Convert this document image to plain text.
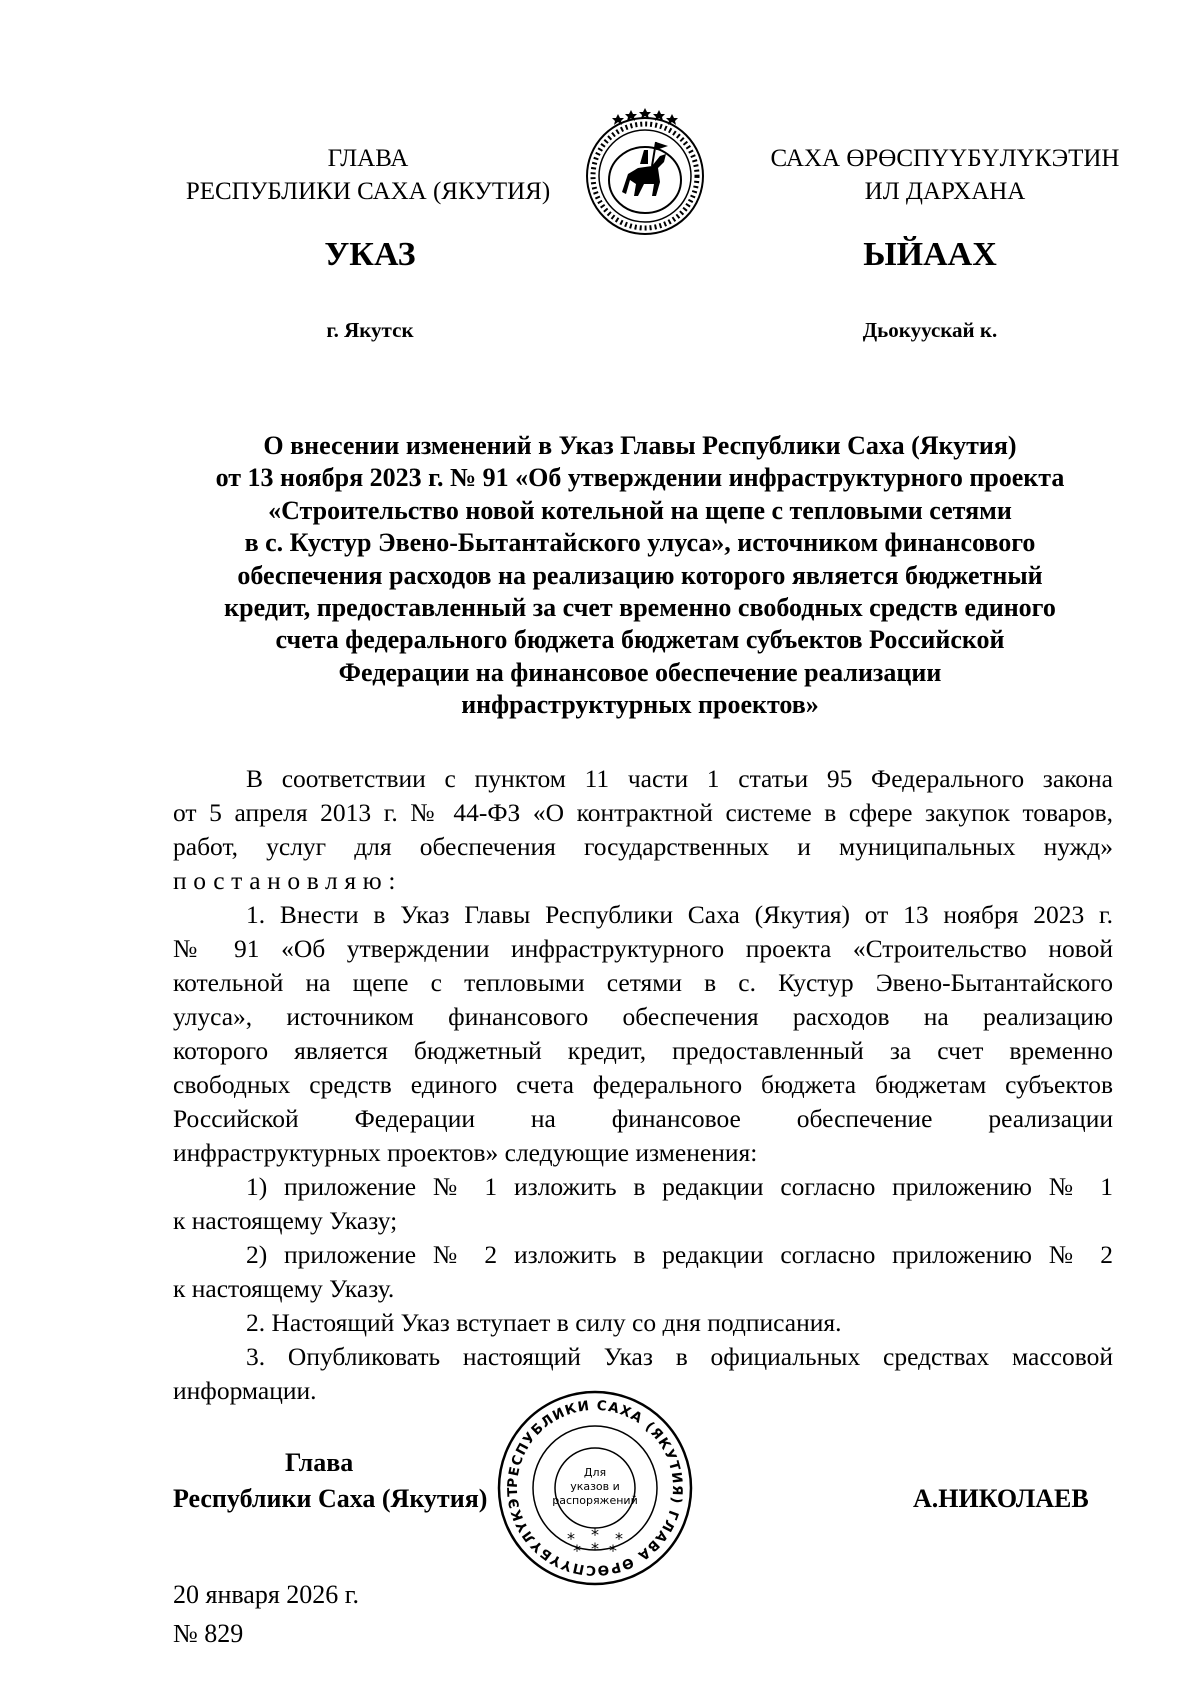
ГЛАВА
РЕСПУБЛИКИ САХА (ЯКУТИЯ)
САХА ӨРӨСПҮҮБҮЛҮКЭТИН
ИЛ ДАРХАНА
УКАЗ	ЫЙААХ
г. Якутск	Дьокуускай к.
О внесении изменений в Указ Главы Республики Саха (Якутия)
от 13 ноября 2023 г. № 91 «Об утверждении инфраструктурного проекта
«Строительство новой котельной на щепе с тепловыми сетями
в с. Кустур Эвено-Бытантайского улуса», источником финансового
обеспечения расходов на реализацию которого является бюджетный
кредит, предоставленный за счет временно свободных средств единого
счета федерального бюджета бюджетам субъектов Российской
Федерации на финансовое обеспечение реализации
инфраструктурных проектов»
В соответствии с пунктом 11 части 1 статьи 95 Федерального закона
от 5 апреля 2013 г. № 44-ФЗ «О контрактной системе в сфере закупок товаров,
работ, услуг для обеспечения государственных и муниципальных нужд»
постановляю:
1. Внести в Указ Главы Республики Саха (Якутия) от 13 ноября 2023 г.
№ 91 «Об утверждении инфраструктурного проекта «Строительство новой
котельной на щепе с тепловыми сетями в с. Кустур Эвено-Бытантайского
улуса», источником финансового обеспечения расходов на реализацию
которого является бюджетный кредит, предоставленный за счет временно
свободных средств единого счета федерального бюджета бюджетам субъектов
Российской Федерации на финансовое обеспечение реализации
инфраструктурных проектов» следующие изменения:
1) приложение № 1 изложить в редакции согласно приложению № 1
к настоящему Указу;
2) приложение № 2 изложить в редакции согласно приложению № 2
к настоящему Указу.
2. Настоящий Указ вступает в силу со дня подписания.
3. Опубликовать настоящий Указ в официальных средствах массовой
информации.
Глава
Республики Саха (Якутия)	А.НИКОЛАЕВ
РЕСПУБЛИКИ САХА (ЯКУТИЯ) ГЛАВА ӨРӨСПҮҮБҮЛҮКЭТ
Для
указов и
распоряжений
* * *
* * *
20 января 2026 г.
№ 829
